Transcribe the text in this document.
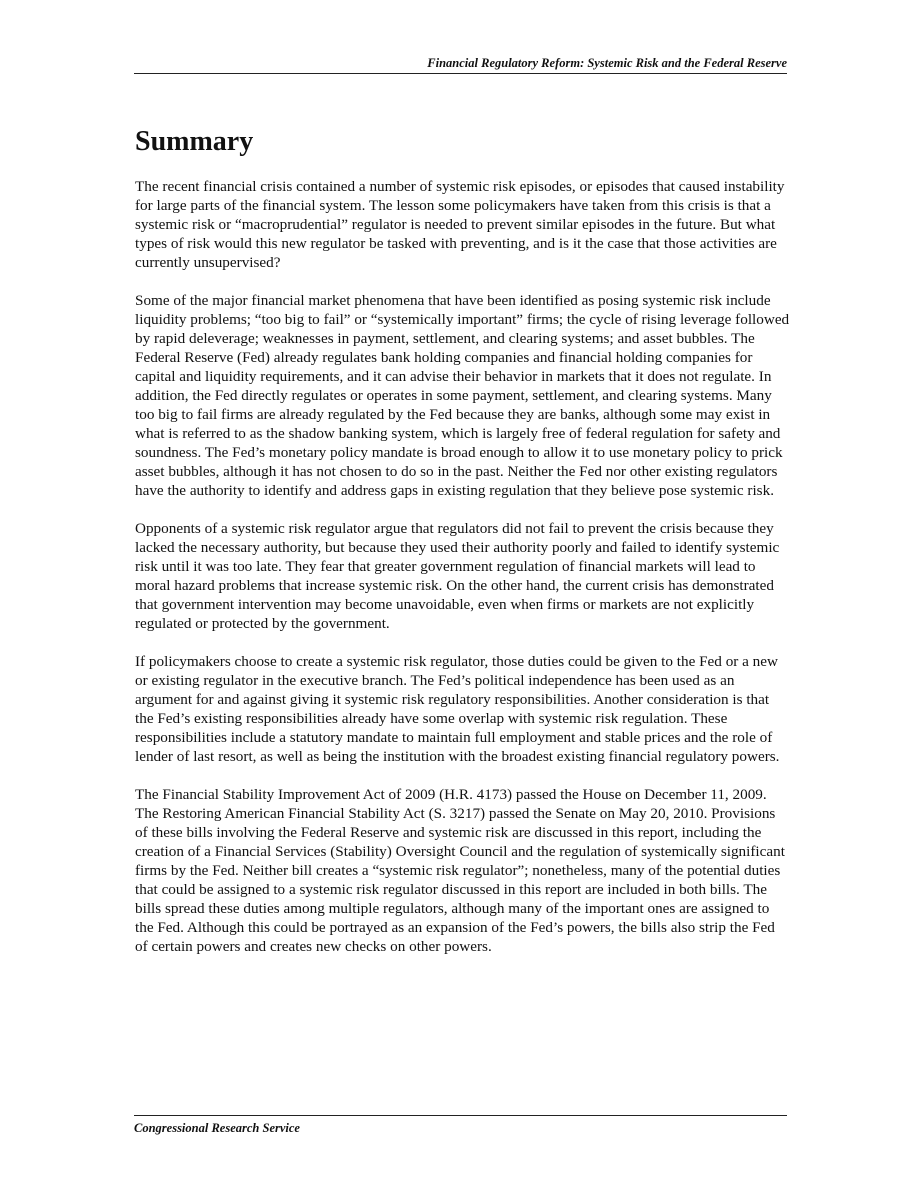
Financial Regulatory Reform: Systemic Risk and the Federal Reserve
Summary

The recent financial crisis contained a number of systemic risk episodes, or episodes that caused instability for large parts of the financial system. The lesson some policymakers have taken from this crisis is that a systemic risk or “macroprudential” regulator is needed to prevent similar episodes in the future. But what types of risk would this new regulator be tasked with preventing, and is it the case that those activities are currently unsupervised?

Some of the major financial market phenomena that have been identified as posing systemic risk include liquidity problems; “too big to fail” or “systemically important” firms; the cycle of rising leverage followed by rapid deleverage; weaknesses in payment, settlement, and clearing systems; and asset bubbles. The Federal Reserve (Fed) already regulates bank holding companies and financial holding companies for capital and liquidity requirements, and it can advise their behavior in markets that it does not regulate. In addition, the Fed directly regulates or operates in some payment, settlement, and clearing systems. Many too big to fail firms are already regulated by the Fed because they are banks, although some may exist in what is referred to as the shadow banking system, which is largely free of federal regulation for safety and soundness. The Fed’s monetary policy mandate is broad enough to allow it to use monetary policy to prick asset bubbles, although it has not chosen to do so in the past. Neither the Fed nor other existing regulators have the authority to identify and address gaps in existing regulation that they believe pose systemic risk.

Opponents of a systemic risk regulator argue that regulators did not fail to prevent the crisis because they lacked the necessary authority, but because they used their authority poorly and failed to identify systemic risk until it was too late. They fear that greater government regulation of financial markets will lead to moral hazard problems that increase systemic risk. On the other hand, the current crisis has demonstrated that government intervention may become unavoidable, even when firms or markets are not explicitly regulated or protected by the government.

If policymakers choose to create a systemic risk regulator, those duties could be given to the Fed or a new or existing regulator in the executive branch. The Fed’s political independence has been used as an argument for and against giving it systemic risk regulatory responsibilities. Another consideration is that the Fed’s existing responsibilities already have some overlap with systemic risk regulation. These responsibilities include a statutory mandate to maintain full employment and stable prices and the role of lender of last resort, as well as being the institution with the broadest existing financial regulatory powers.

The Financial Stability Improvement Act of 2009 (H.R. 4173) passed the House on December 11, 2009. The Restoring American Financial Stability Act (S. 3217) passed the Senate on May 20, 2010. Provisions of these bills involving the Federal Reserve and systemic risk are discussed in this report, including the creation of a Financial Services (Stability) Oversight Council and the regulation of systemically significant firms by the Fed. Neither bill creates a “systemic risk regulator”; nonetheless, many of the potential duties that could be assigned to a systemic risk regulator discussed in this report are included in both bills. The bills spread these duties among multiple regulators, although many of the important ones are assigned to the Fed. Although this could be portrayed as an expansion of the Fed’s powers, the bills also strip the Fed of certain powers and creates new checks on other powers.

Congressional Research Service
